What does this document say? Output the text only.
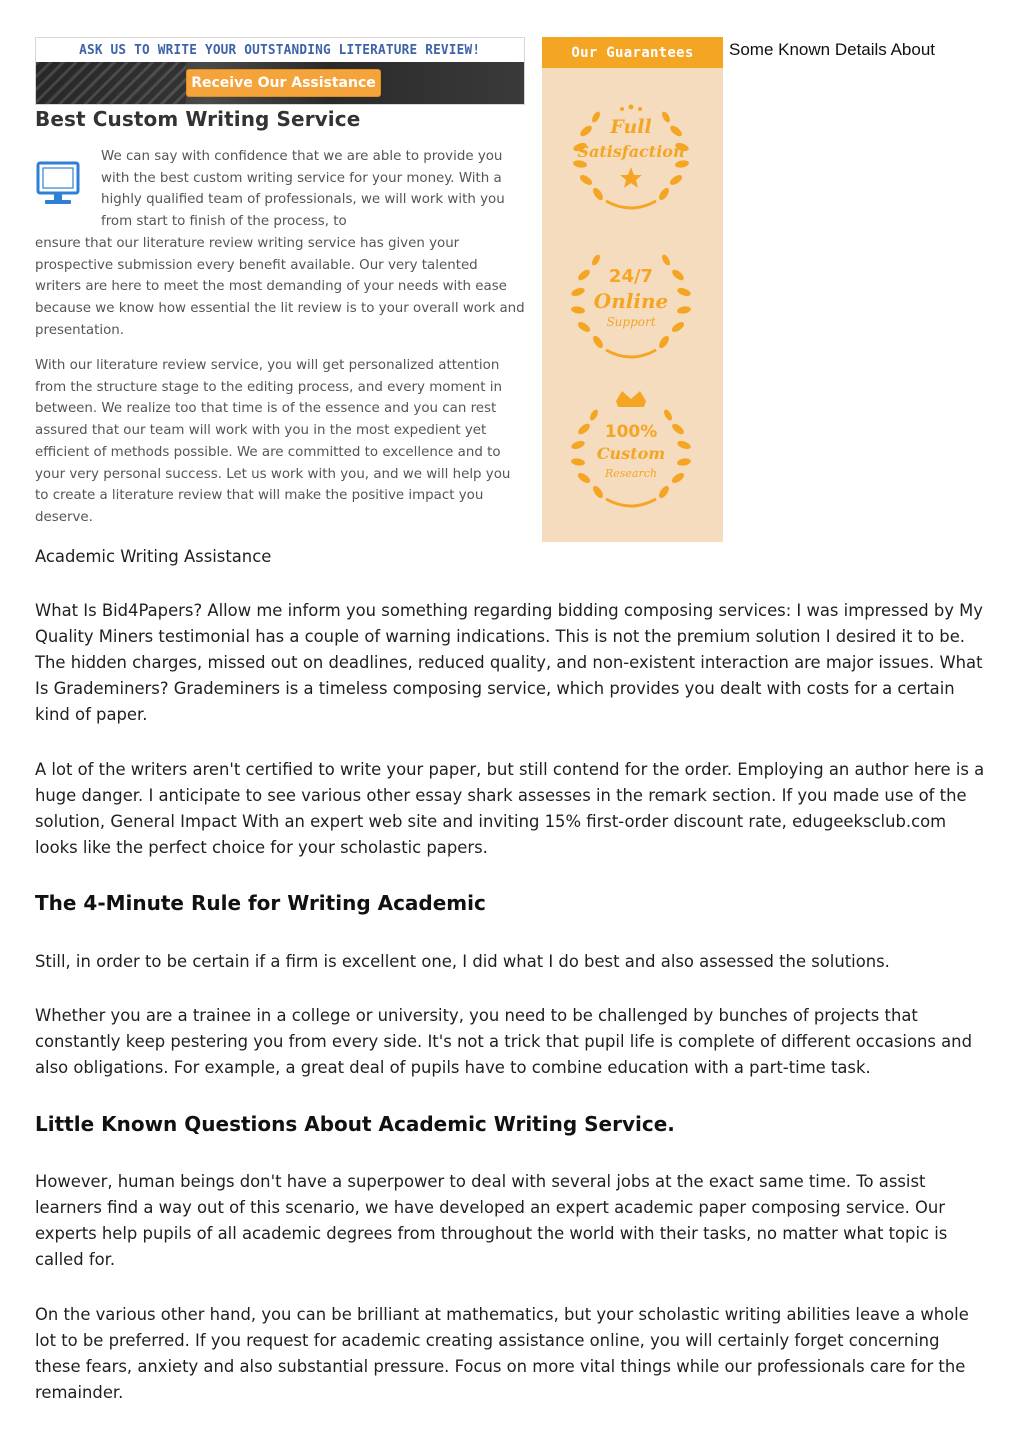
ASK US TO WRITE YOUR OUTSTANDING LITERATURE REVIEW!
Receive Our Assistance
Best Custom Writing Service

We can say with confidence that we are able to provide you with the best custom writing service for your money. With a highly qualified team of professionals, we will work with you from start to finish of the process, to

ensure that our literature review writing service has given your prospective submission every benefit available. Our very talented writers are here to meet the most demanding of your needs with ease because we know how essential the lit review is to your overall work and presentation.

With our literature review service, you will get personalized attention from the structure stage to the editing process, and every moment in between. We realize too that time is of the essence and you can rest assured that our team will work with you in the most expedient yet efficient of methods possible. We are committed to excellence and to your very personal success. Let us work with you, and we will help you to create a literature review that will make the positive impact you deserve.

Our Guarantees
Full
Satisfaction
24/7
Online
Support
100%
Custom
Research

Some Known Details About

Academic Writing Assistance

What Is Bid4Papers? Allow me inform you something regarding bidding composing services: I was impressed by My Quality Miners testimonial has a couple of warning indications. This is not the premium solution I desired it to be. The hidden charges, missed out on deadlines, reduced quality, and non-existent interaction are major issues. What Is Grademiners? Grademiners is a timeless composing service, which provides you dealt with costs for a certain kind of paper.

A lot of the writers aren't certified to write your paper, but still contend for the order. Employing an author here is a huge danger. I anticipate to see various other essay shark assesses in the remark section. If you made use of the solution, General Impact With an expert web site and inviting 15% first-order discount rate, edugeeksclub.com looks like the perfect choice for your scholastic papers.

The 4-Minute Rule for Writing Academic

Still, in order to be certain if a firm is excellent one, I did what I do best and also assessed the solutions.

Whether you are a trainee in a college or university, you need to be challenged by bunches of projects that constantly keep pestering you from every side. It's not a trick that pupil life is complete of different occasions and also obligations. For example, a great deal of pupils have to combine education with a part-time task.

Little Known Questions About Academic Writing Service.

However, human beings don't have a superpower to deal with several jobs at the exact same time. To assist learners find a way out of this scenario, we have developed an expert academic paper composing service. Our experts help pupils of all academic degrees from throughout the world with their tasks, no matter what topic is called for.

On the various other hand, you can be brilliant at mathematics, but your scholastic writing abilities leave a whole lot to be preferred. If you request for academic creating assistance online, you will certainly forget concerning these fears, anxiety and also substantial pressure. Focus on more vital things while our professionals care for the remainder.
